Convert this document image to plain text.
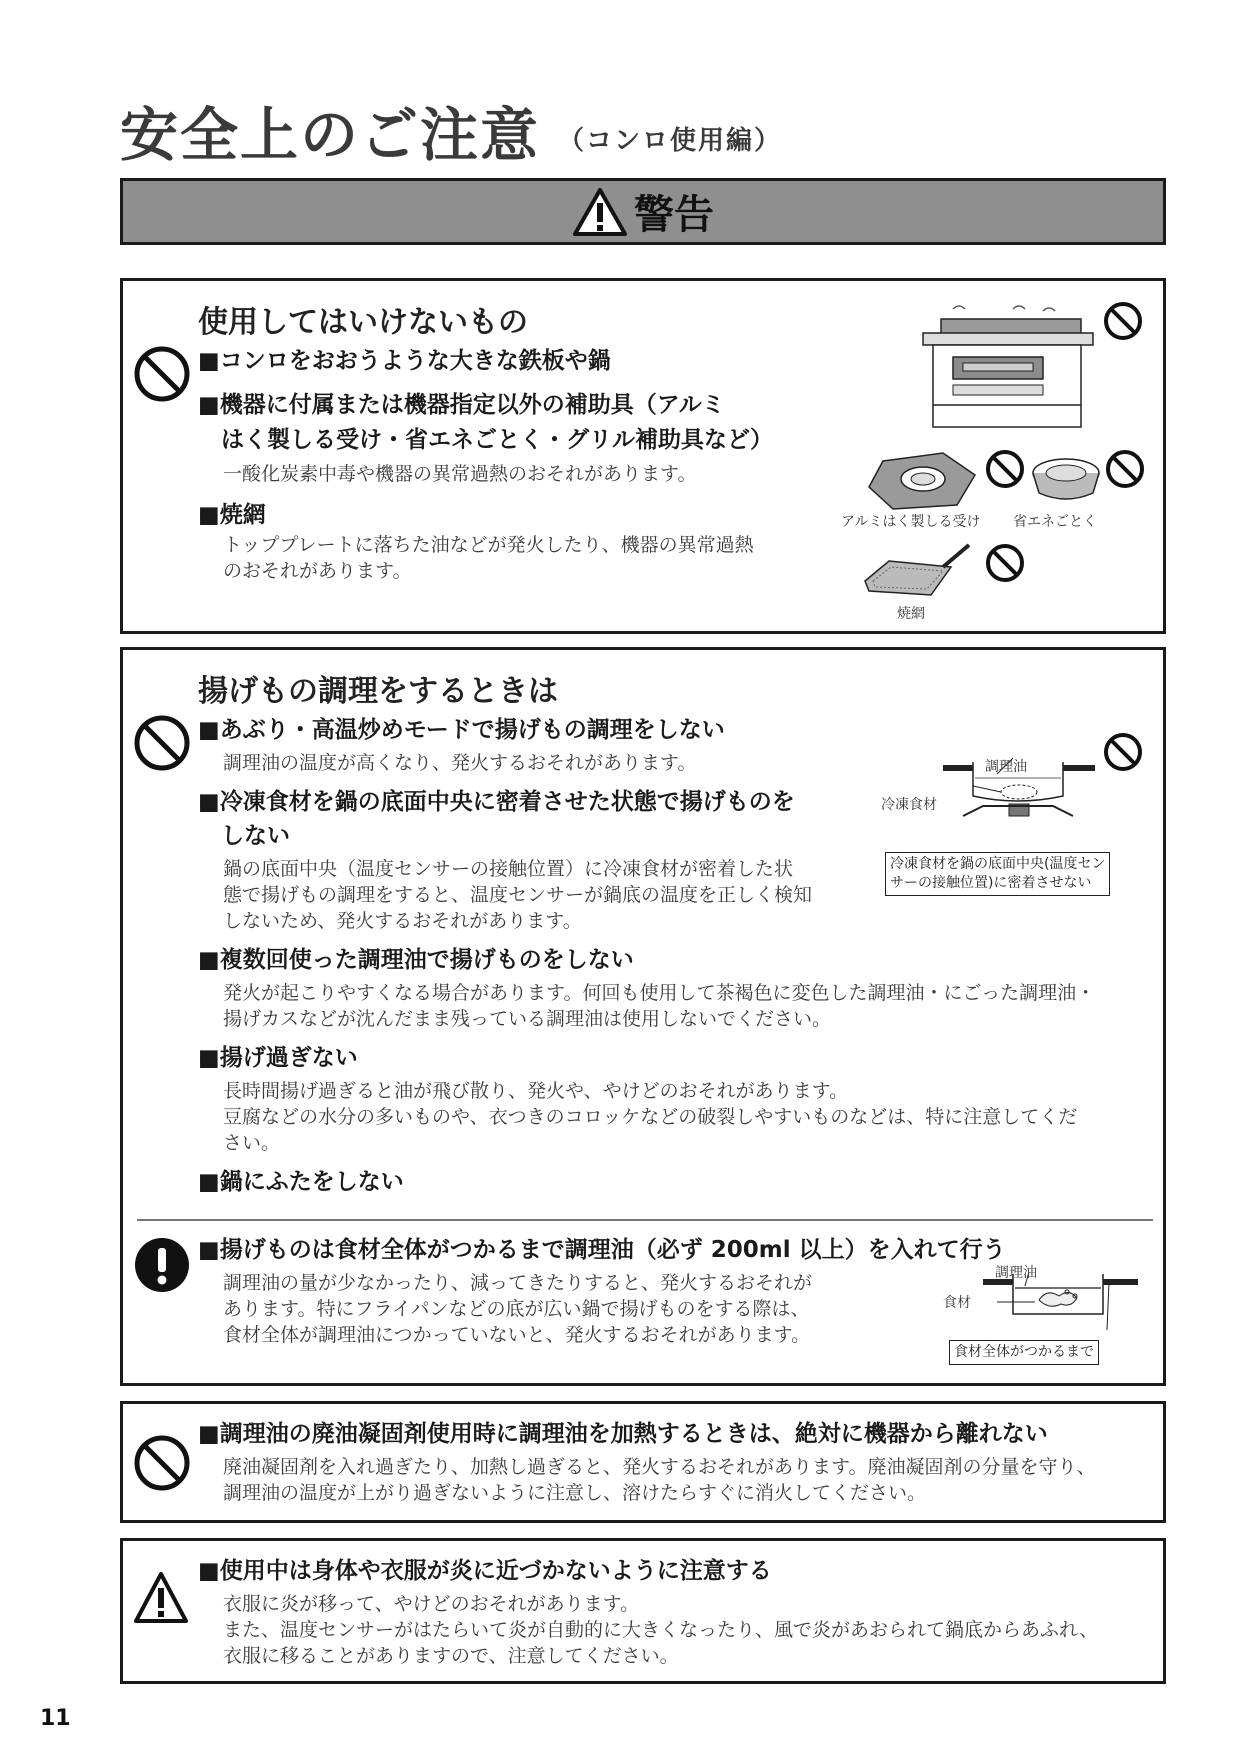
安全上のご注意 （コンロ使用編）
警告
使用してはいけないもの
■コンロをおおうような大きな鉄板や鍋
■機器に付属または機器指定以外の補助具（アルミ
はく製しる受け・省エネごとく・グリル補助具など）
一酸化炭素中毒や機器の異常過熱のおそれがあります。
■焼網
トッププレートに落ちた油などが発火したり、機器の異常過熱
のおそれがあります。
アルミはく製しる受け 省エネごとく
焼網
揚げもの調理をするときは
■あぶり・高温炒めモードで揚げもの調理をしない
調理油の温度が高くなり、発火するおそれがあります。
■冷凍食材を鍋の底面中央に密着させた状態で揚げものを
しない
鍋の底面中央（温度センサーの接触位置）に冷凍食材が密着した状
態で揚げもの調理をすると、温度センサーが鍋底の温度を正しく検知
しないため、発火するおそれがあります。
調理油
冷凍食材
冷凍食材を鍋の底面中央(温度セン
サーの接触位置)に密着させない
■複数回使った調理油で揚げものをしない
発火が起こりやすくなる場合があります。何回も使用して茶褐色に変色した調理油・にごった調理油・
揚げカスなどが沈んだまま残っている調理油は使用しないでください。
■揚げ過ぎない
長時間揚げ過ぎると油が飛び散り、発火や、やけどのおそれがあります。
豆腐などの水分の多いものや、衣つきのコロッケなどの破裂しやすいものなどは、特に注意してくだ
さい。
■鍋にふたをしない
■揚げものは食材全体がつかるまで調理油（必ず 200ml 以上）を入れて行う
調理油の量が少なかったり、減ってきたりすると、発火するおそれが
あります。特にフライパンなどの底が広い鍋で揚げものをする際は、
食材全体が調理油につかっていないと、発火するおそれがあります。
調理油
食材
食材全体がつかるまで
■調理油の廃油凝固剤使用時に調理油を加熱するときは、絶対に機器から離れない
廃油凝固剤を入れ過ぎたり、加熱し過ぎると、発火するおそれがあります。廃油凝固剤の分量を守り、
調理油の温度が上がり過ぎないように注意し、溶けたらすぐに消火してください。
■使用中は身体や衣服が炎に近づかないように注意する
衣服に炎が移って、やけどのおそれがあります。
また、温度センサーがはたらいて炎が自動的に大きくなったり、風で炎があおられて鍋底からあふれ、
衣服に移ることがありますので、注意してください。
11
